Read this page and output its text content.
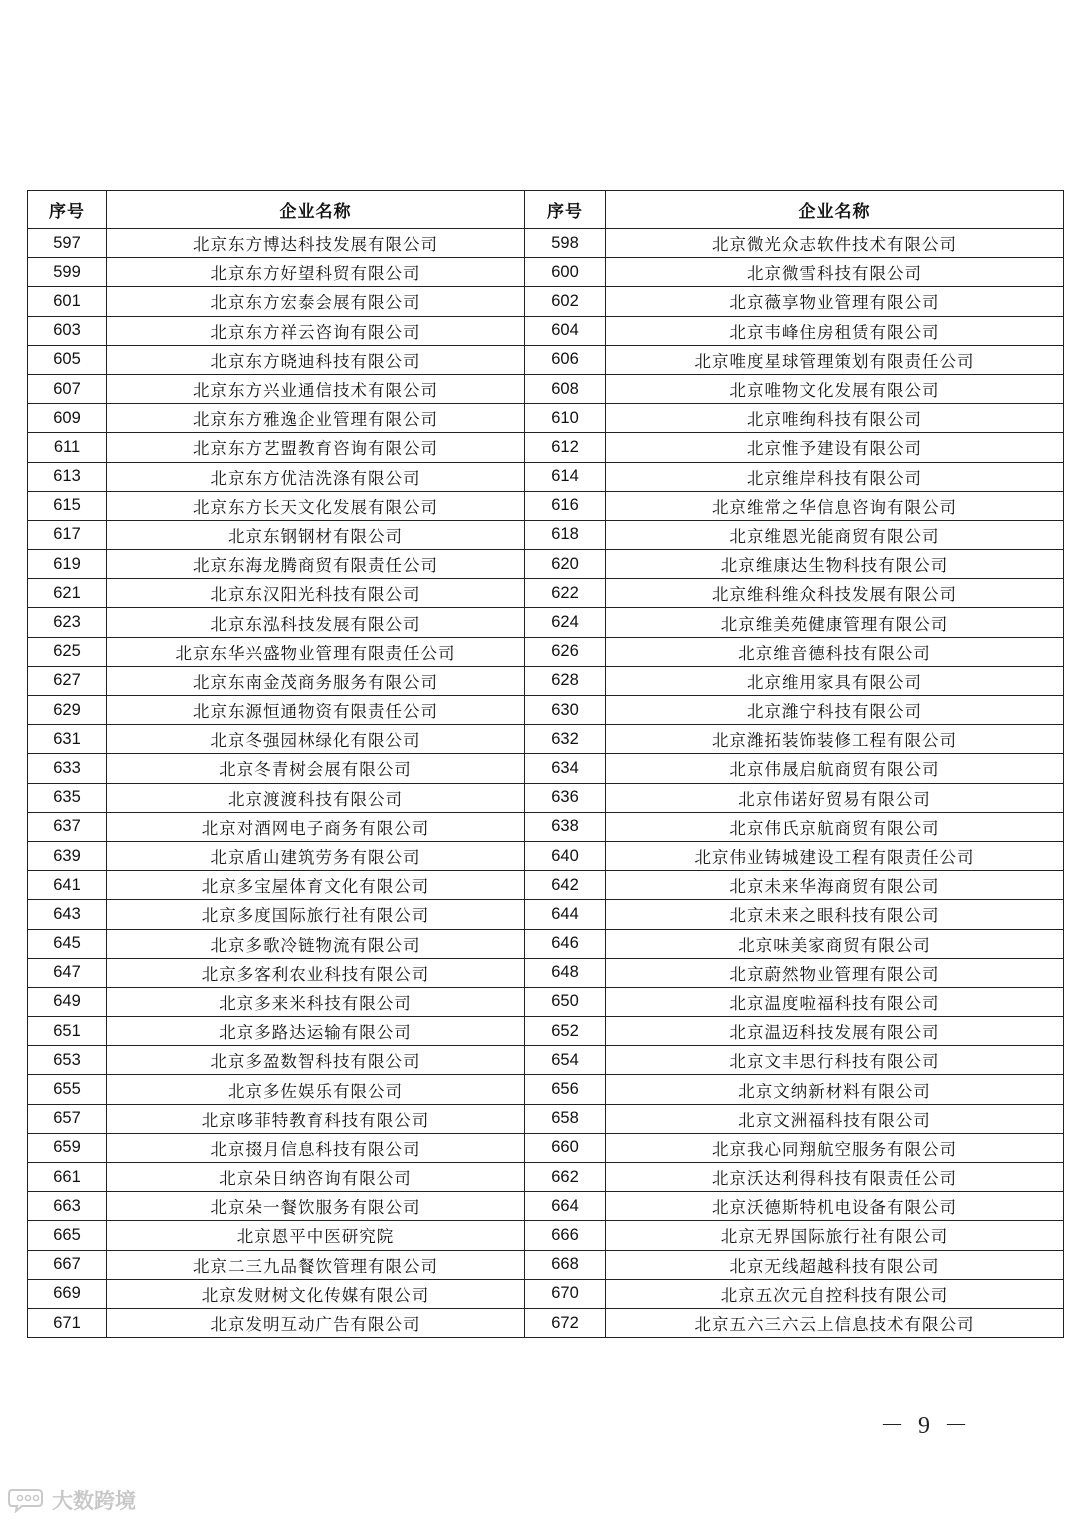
序号	企业名称	序号	企业名称
597	北京东方博达科技发展有限公司	598	北京微光众志软件技术有限公司
599	北京东方好望科贸有限公司	600	北京微雪科技有限公司
601	北京东方宏泰会展有限公司	602	北京薇享物业管理有限公司
603	北京东方祥云咨询有限公司	604	北京韦峰住房租赁有限公司
605	北京东方晓迪科技有限公司	606	北京唯度星球管理策划有限责任公司
607	北京东方兴业通信技术有限公司	608	北京唯物文化发展有限公司
609	北京东方雅逸企业管理有限公司	610	北京唯绚科技有限公司
611	北京东方艺盟教育咨询有限公司	612	北京惟予建设有限公司
613	北京东方优洁洗涤有限公司	614	北京维岸科技有限公司
615	北京东方长天文化发展有限公司	616	北京维常之华信息咨询有限公司
617	北京东钢钢材有限公司	618	北京维恩光能商贸有限公司
619	北京东海龙腾商贸有限责任公司	620	北京维康达生物科技有限公司
621	北京东汉阳光科技有限公司	622	北京维科维众科技发展有限公司
623	北京东泓科技发展有限公司	624	北京维美苑健康管理有限公司
625	北京东华兴盛物业管理有限责任公司	626	北京维音德科技有限公司
627	北京东南金茂商务服务有限公司	628	北京维用家具有限公司
629	北京东源恒通物资有限责任公司	630	北京潍宁科技有限公司
631	北京冬强园林绿化有限公司	632	北京潍拓装饰装修工程有限公司
633	北京冬青树会展有限公司	634	北京伟晟启航商贸有限公司
635	北京渡渡科技有限公司	636	北京伟诺好贸易有限公司
637	北京对酒网电子商务有限公司	638	北京伟氏京航商贸有限公司
639	北京盾山建筑劳务有限公司	640	北京伟业铸城建设工程有限责任公司
641	北京多宝屋体育文化有限公司	642	北京未来华海商贸有限公司
643	北京多度国际旅行社有限公司	644	北京未来之眼科技有限公司
645	北京多歌冷链物流有限公司	646	北京味美家商贸有限公司
647	北京多客利农业科技有限公司	648	北京蔚然物业管理有限公司
649	北京多来米科技有限公司	650	北京温度啦福科技有限公司
651	北京多路达运输有限公司	652	北京温迈科技发展有限公司
653	北京多盈数智科技有限公司	654	北京文丰思行科技有限公司
655	北京多佐娱乐有限公司	656	北京文纳新材料有限公司
657	北京哆菲特教育科技有限公司	658	北京文洲福科技有限公司
659	北京掇月信息科技有限公司	660	北京我心同翔航空服务有限公司
661	北京朵日纳咨询有限公司	662	北京沃达利得科技有限责任公司
663	北京朵一餐饮服务有限公司	664	北京沃德斯特机电设备有限公司
665	北京恩平中医研究院	666	北京无界国际旅行社有限公司
667	北京二三九品餐饮管理有限公司	668	北京无线超越科技有限公司
669	北京发财树文化传媒有限公司	670	北京五次元自控科技有限公司
671	北京发明互动广告有限公司	672	北京五六三六云上信息技术有限公司
－ 9 －
大数跨境
